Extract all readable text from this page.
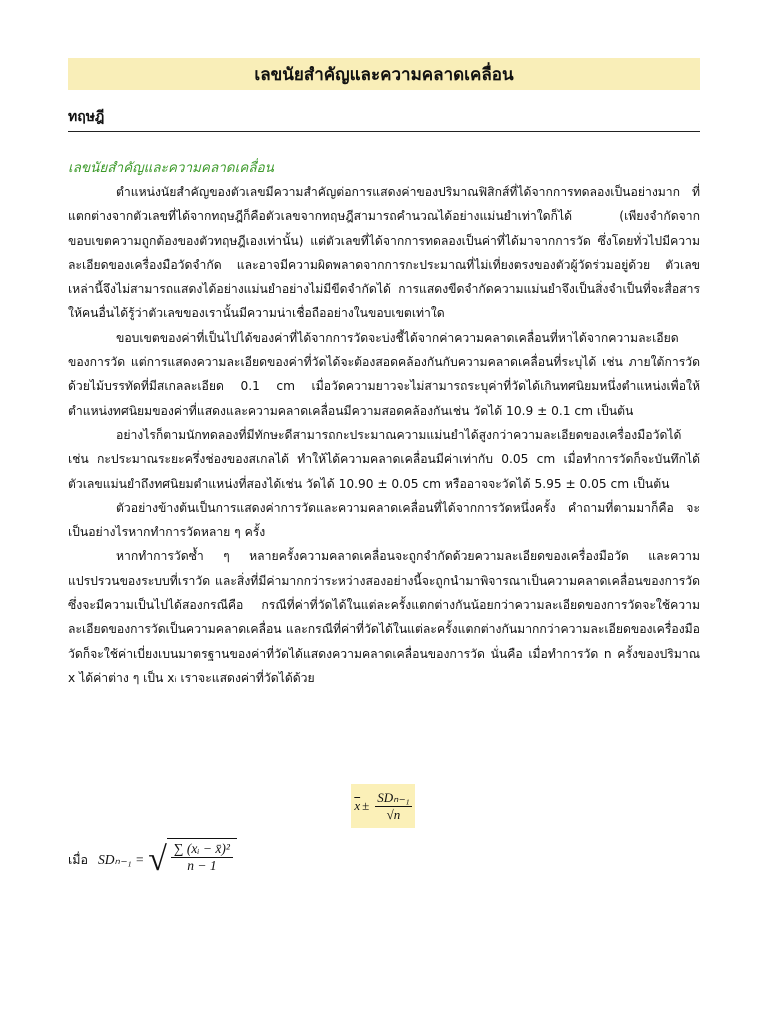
เลขนัยสำคัญและความคลาดเคลื่อน
ทฤษฎี
เลขนัยสำคัญและความคลาดเคลื่อน

ตำแหน่งนัยสำคัญของตัวเลขมีความสำคัญต่อการแสดงค่าของปริมาณฟิสิกส์ที่ได้จากการทดลองเป็นอย่างมาก ที่แตกต่างจากตัวเลขที่ได้จากทฤษฎีก็คือตัวเลขจากทฤษฎีสามารถคำนวณได้อย่างแม่นยำเท่าใดก็ได้ (เพียงจำกัดจากขอบเขตความถูกต้องของตัวทฤษฎีเองเท่านั้น) แต่ตัวเลขที่ได้จากการทดลองเป็นค่าที่ได้มาจากการวัด ซึ่งโดยทั่วไปมีความละเอียดของเครื่องมือวัดจำกัด และอาจมีความผิดพลาดจากการกะประมาณที่ไม่เที่ยงตรงของตัวผู้วัดร่วมอยู่ด้วย ตัวเลขเหล่านี้จึงไม่สามารถแสดงได้อย่างแม่นยำอย่างไม่มีขีดจำกัดได้ การแสดงขีดจำกัดความแม่นยำจึงเป็นสิ่งจำเป็นที่จะสื่อสารให้คนอื่นได้รู้ว่าตัวเลขของเรานั้นมีความน่าเชื่อถืออย่างในขอบเขตเท่าใด

ขอบเขตของค่าที่เป็นไปได้ของค่าที่ได้จากการวัดจะบ่งชี้ได้จากค่าความคลาดเคลื่อนที่หาได้จากความละเอียดของการวัด แต่การแสดงความละเอียดของค่าที่วัดได้จะต้องสอดคล้องกันกับความคลาดเคลื่อนที่ระบุได้ เช่น ภายใต้การวัดด้วยไม้บรรทัดที่มีสเกลละเอียด 0.1 cm เมื่อวัดความยาวจะไม่สามารถระบุค่าที่วัดได้เกินทศนิยมหนึ่งตำแหน่งเพื่อให้ตำแหน่งทศนิยมของค่าที่แสดงและความคลาดเคลื่อนมีความสอดคล้องกันเช่น วัดได้ 10.9 ± 0.1 cm เป็นต้น

อย่างไรก็ตามนักทดลองที่มีทักษะดีสามารถกะประมาณความแม่นยำได้สูงกว่าความละเอียดของเครื่องมือวัดได้เช่น กะประมาณระยะครึ่งช่องของสเกลได้ ทำให้ได้ความคลาดเคลื่อนมีค่าเท่ากับ 0.05 cm เมื่อทำการวัดก็จะบันทึกได้ตัวเลขแม่นยำถึงทศนิยมตำแหน่งที่สองได้เช่น วัดได้ 10.90 ± 0.05 cm หรืออาจจะวัดได้ 5.95 ± 0.05 cm เป็นต้น

ตัวอย่างข้างต้นเป็นการแสดงค่าการวัดและความคลาดเคลื่อนที่ได้จากการวัดหนึ่งครั้ง คำถามที่ตามมาก็คือ จะเป็นอย่างไรหากทำการวัดหลาย ๆ ครั้ง

หากทำการวัดซ้ำ ๆ หลายครั้งความคลาดเคลื่อนจะถูกจำกัดด้วยความละเอียดของเครื่องมือวัด และความแปรปรวนของระบบที่เราวัด และสิ่งที่มีค่ามากกว่าระหว่างสองอย่างนี้จะถูกนำมาพิจารณาเป็นความคลาดเคลื่อนของการวัด ซึ่งจะมีความเป็นไปได้สองกรณีคือ กรณีที่ค่าที่วัดได้ในแต่ละครั้งแตกต่างกันน้อยกว่าความละเอียดของการวัดจะใช้ความละเอียดของการวัดเป็นความคลาดเคลื่อน และกรณีที่ค่าที่วัดได้ในแต่ละครั้งแตกต่างกันมากกว่าความละเอียดของเครื่องมือวัดก็จะใช้ค่าเบี่ยงเบนมาตรฐานของค่าที่วัดได้แสดงความคลาดเคลื่อนของการวัด นั่นคือ เมื่อทำการวัด n ครั้งของปริมาณ x ได้ค่าต่าง ๆ เป็น xᵢ เราจะแสดงค่าที่วัดได้ด้วย

$\overline{x} \pm \frac{\text{SDₙ₋₁}}{√n}$
เมื่อ SDₙ₋₁ = √ $\frac{\text{∑ (xᵢ − x̄)²}}{n - 1}$
